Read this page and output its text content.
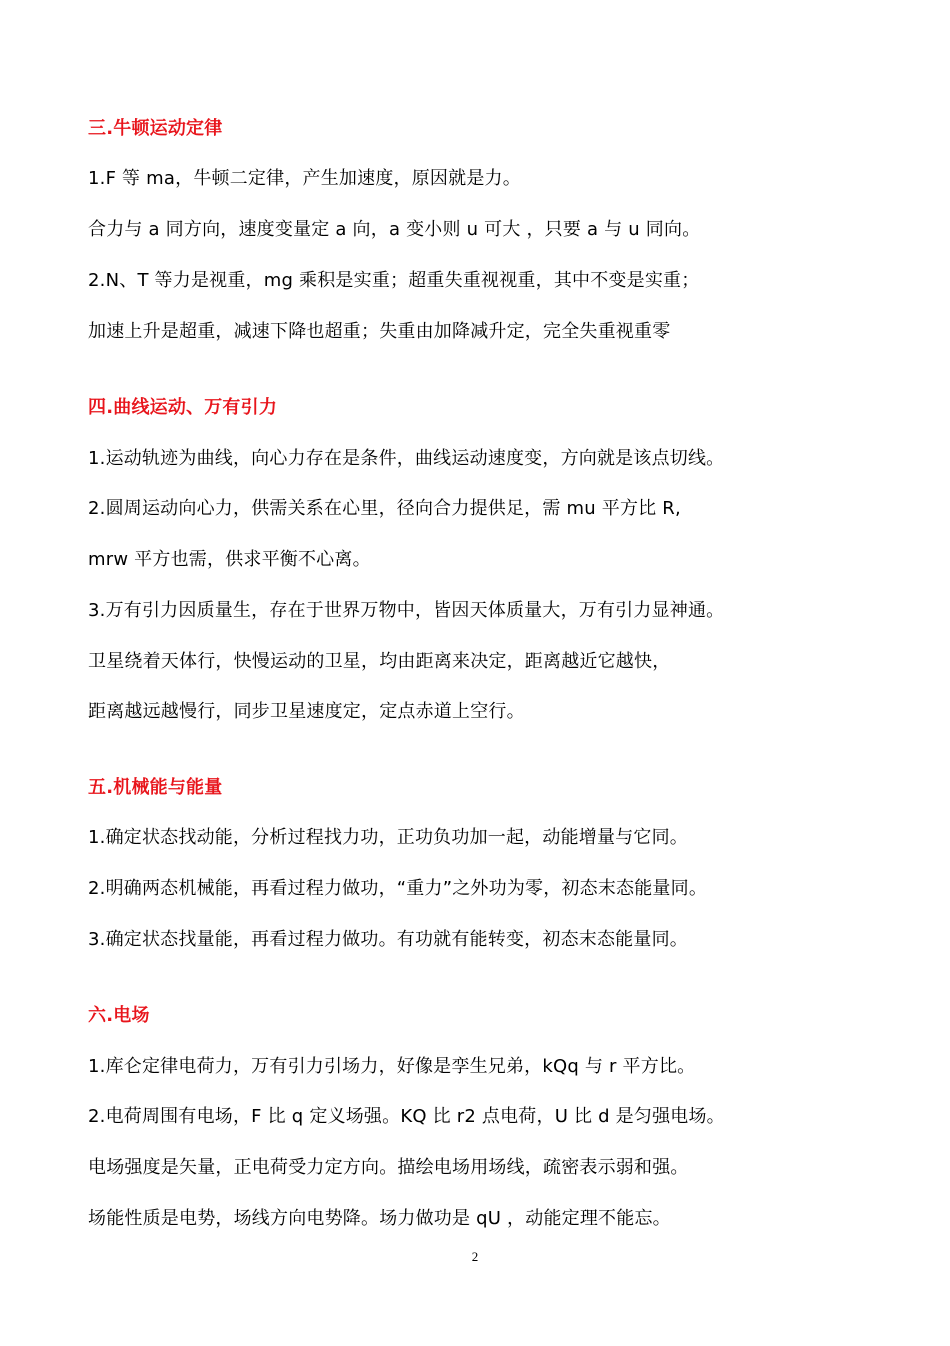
三.牛顿运动定律
1.F 等 ma，牛顿二定律，产生加速度，原因就是力。
合力与 a 同方向，速度变量定 a 向，a 变小则 u 可大 ，只要 a 与 u 同向。
2.N、T 等力是视重，mg 乘积是实重；超重失重视视重，其中不变是实重；
加速上升是超重，减速下降也超重；失重由加降减升定，完全失重视重零
四.曲线运动、万有引力
1.运动轨迹为曲线，向心力存在是条件，曲线运动速度变，方向就是该点切线。
2.圆周运动向心力，供需关系在心里，径向合力提供足，需 mu 平方比 R,
mrw 平方也需，供求平衡不心离。
3.万有引力因质量生，存在于世界万物中，皆因天体质量大，万有引力显神通。
卫星绕着天体行，快慢运动的卫星，均由距离来决定，距离越近它越快，
距离越远越慢行，同步卫星速度定，定点赤道上空行。
五.机械能与能量
1.确定状态找动能，分析过程找力功，正功负功加一起，动能增量与它同。
2.明确两态机械能，再看过程力做功，“重力”之外功为零，初态末态能量同。
3.确定状态找量能，再看过程力做功。有功就有能转变，初态末态能量同。
六.电场
1.库仑定律电荷力，万有引力引场力，好像是孪生兄弟，kQq 与 r 平方比。
2.电荷周围有电场，F 比 q 定义场强。KQ 比 r2 点电荷，U 比 d 是匀强电场。
电场强度是矢量，正电荷受力定方向。描绘电场用场线，疏密表示弱和强。
场能性质是电势，场线方向电势降。场力做功是 qU ，动能定理不能忘。
2
